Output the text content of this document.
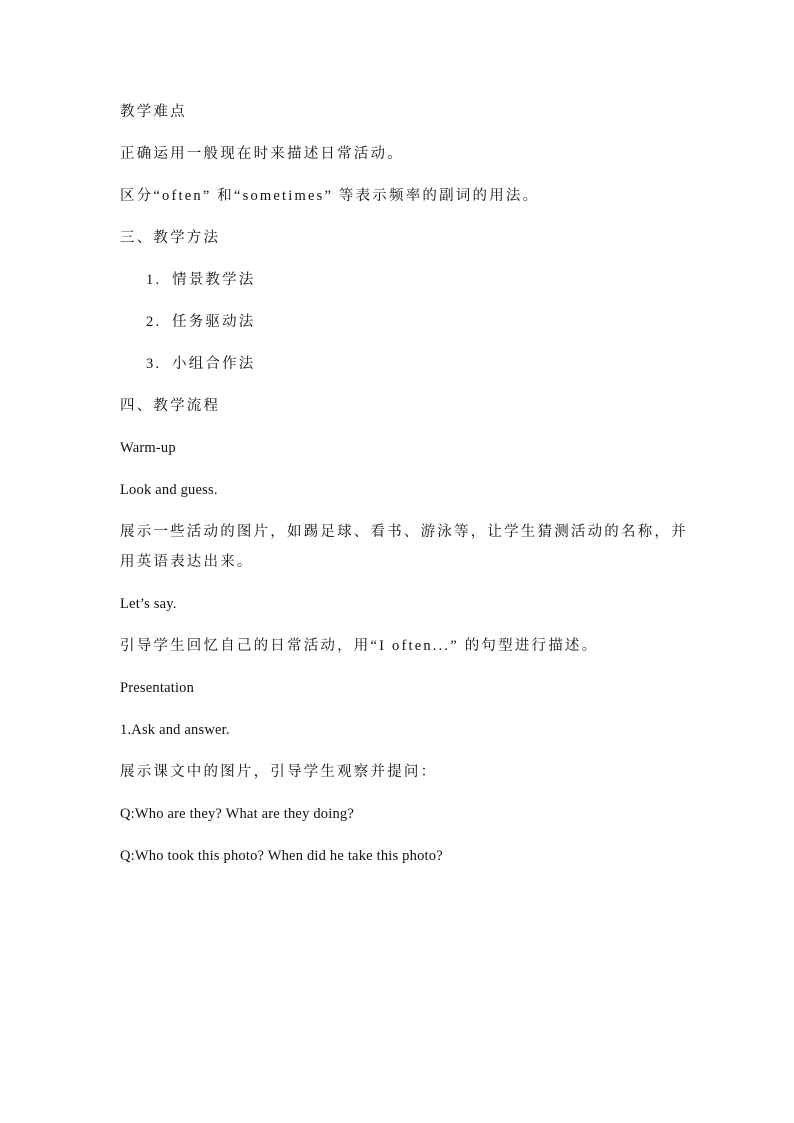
教学难点
正确运用一般现在时来描述日常活动。
区分“often” 和“sometimes” 等表示频率的副词的用法。
三、教学方法
1. 情景教学法
2. 任务驱动法
3. 小组合作法
四、教学流程
Warm-up
Look and guess.
展示一些活动的图片，如踢足球、看书、游泳等，让学生猜测活动的名称，并
用英语表达出来。
Let’s say.
引导学生回忆自己的日常活动，用“I often...” 的句型进行描述。
Presentation
1.Ask and answer.
展示课文中的图片，引导学生观察并提问：
Q:Who are they? What are they doing?
Q:Who took this photo? When did he take this photo?
